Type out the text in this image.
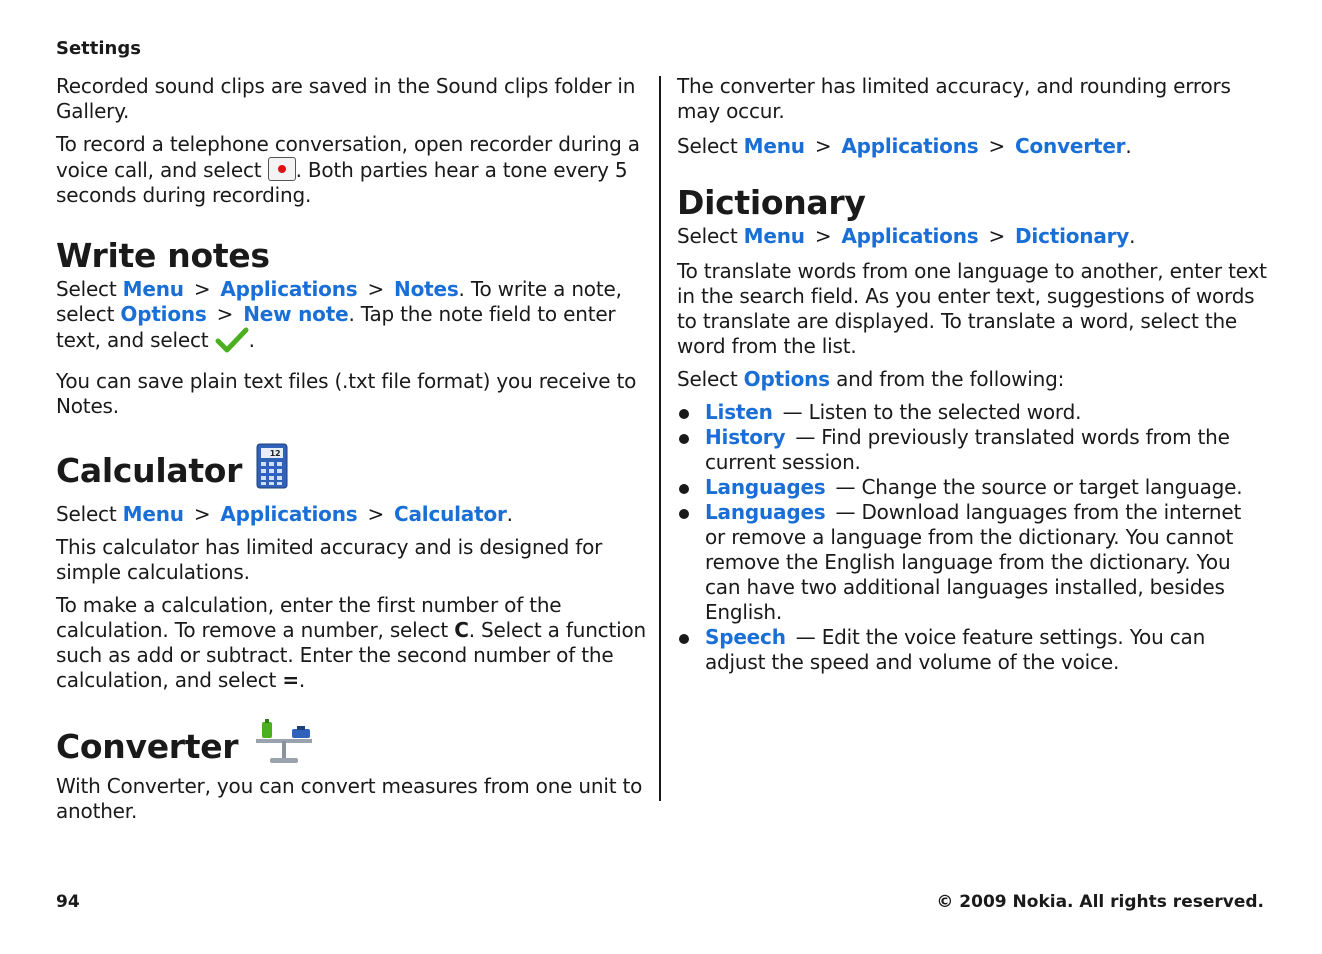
Settings

Recorded sound clips are saved in the Sound clips folder in Gallery.

To record a telephone conversation, open recorder during a voice call, and select . Both parties hear a tone every 5 seconds during recording.

Write notes

Select Menu > Applications > Notes. To write a note, select Options > New note. Tap the note field to enter text, and select .

You can save plain text files (.txt file format) you receive to Notes.

Calculator	12

Select Menu > Applications > Calculator.

This calculator has limited accuracy and is designed for simple calculations.

To make a calculation, enter the first number of the calculation. To remove a number, select C. Select a function such as add or subtract. Enter the second number of the calculation, and select =.

Converter

With Converter, you can convert measures from one unit to another.

The converter has limited accuracy, and rounding errors may occur.

Select Menu > Applications > Converter.

Dictionary

Select Menu > Applications > Dictionary.

To translate words from one language to another, enter text in the search field. As you enter text, suggestions of words to translate are displayed. To translate a word, select the word from the list.

Select Options and from the following:

Listen — Listen to the selected word.
History — Find previously translated words from the current session.
Languages — Change the source or target language.
Languages — Download languages from the internet or remove a language from the dictionary. You cannot remove the English language from the dictionary. You can have two additional languages installed, besides English.
Speech — Edit the voice feature settings. You can adjust the speed and volume of the voice.
94	© 2009 Nokia. All rights reserved.
